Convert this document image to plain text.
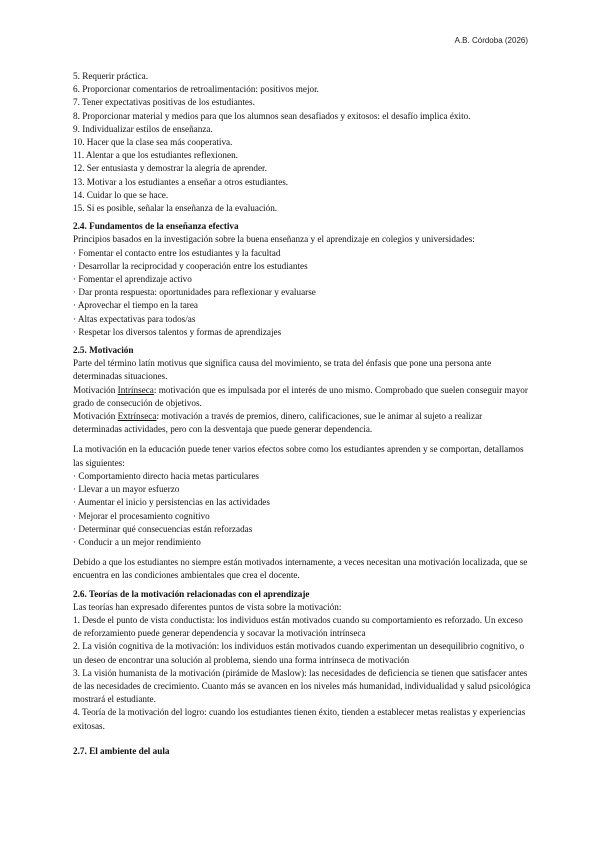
A.B. Córdoba (2026)
5. Requerir práctica.
6. Proporcionar comentarios de retroalimentación: positivos mejor.
7. Tener expectativas positivas de los estudiantes.
8. Proporcionar material y medios para que los alumnos sean desafiados y exitosos: el desafío implica éxito.
9. Individualizar estilos de enseñanza.
10. Hacer que la clase sea más cooperativa.
11. Alentar a que los estudiantes reflexionen.
12. Ser entusiasta y demostrar la alegría de aprender.
13. Motivar a los estudiantes a enseñar a otros estudiantes.
14. Cuidar lo que se hace.
15. Si es posible, señalar la enseñanza de la evaluación.
2.4. Fundamentos de la enseñanza efectiva
Principios basados en la investigación sobre la buena enseñanza y el aprendizaje en colegios y universidades:
· Fomentar el contacto entre los estudiantes y la facultad
· Desarrollar la reciprocidad y cooperación entre los estudiantes
· Fomentar el aprendizaje activo
· Dar pronta respuesta: oportunidades para reflexionar y evaluarse
· Aprovechar el tiempo en la tarea
· Altas expectativas para todos/as
· Respetar los diversos talentos y formas de aprendizajes
2.5. Motivación
Parte del término latín motivus que significa causa del movimiento, se trata del énfasis que pone una persona ante determinadas situaciones.
Motivación Intrínseca: motivación que es impulsada por el interés de uno mismo. Comprobado que suelen conseguir mayor grado de consecución de objetivos.
Motivación Extrínseca: motivación a través de premios, dinero, calificaciones, sue le animar al sujeto a realizar determinadas actividades, pero con la desventaja que puede generar dependencia.
La motivación en la educación puede tener varios efectos sobre como los estudiantes aprenden y se comportan, detallamos las siguientes:
· Comportamiento directo hacia metas particulares
· Llevar a un mayor esfuerzo
· Aumentar el inicio y persistencias en las actividades
· Mejorar el procesamiento cognitivo
· Determinar qué consecuencias están reforzadas
· Conducir a un mejor rendimiento
Debido a que los estudiantes no siempre están motivados internamente, a veces necesitan una motivación localizada, que se encuentra en las condiciones ambientales que crea el docente.
2.6. Teorías de la motivación relacionadas con el aprendizaje
Las teorías han expresado diferentes puntos de vista sobre la motivación:
1. Desde el punto de vista conductista: los individuos están motivados cuando su comportamiento es reforzado. Un exceso de reforzamiento puede generar dependencia y socavar la motivación intrínseca
2. La visión cognitiva de la motivación: los individuos están motivados cuando experimentan un desequilibrio cognitivo, o un deseo de encontrar una solución al problema, siendo una forma intrínseca de motivación
3. La visión humanista de la motivación (pirámide de Maslow): las necesidades de deficiencia se tienen que satisfacer antes de las necesidades de crecimiento. Cuanto más se avancen en los niveles más humanidad, individualidad y salud psicológica mostrará el estudiante.
4. Teoría de la motivación del logro: cuando los estudiantes tienen éxito, tienden a establecer metas realistas y experiencias exitosas.
2.7. El ambiente del aula
